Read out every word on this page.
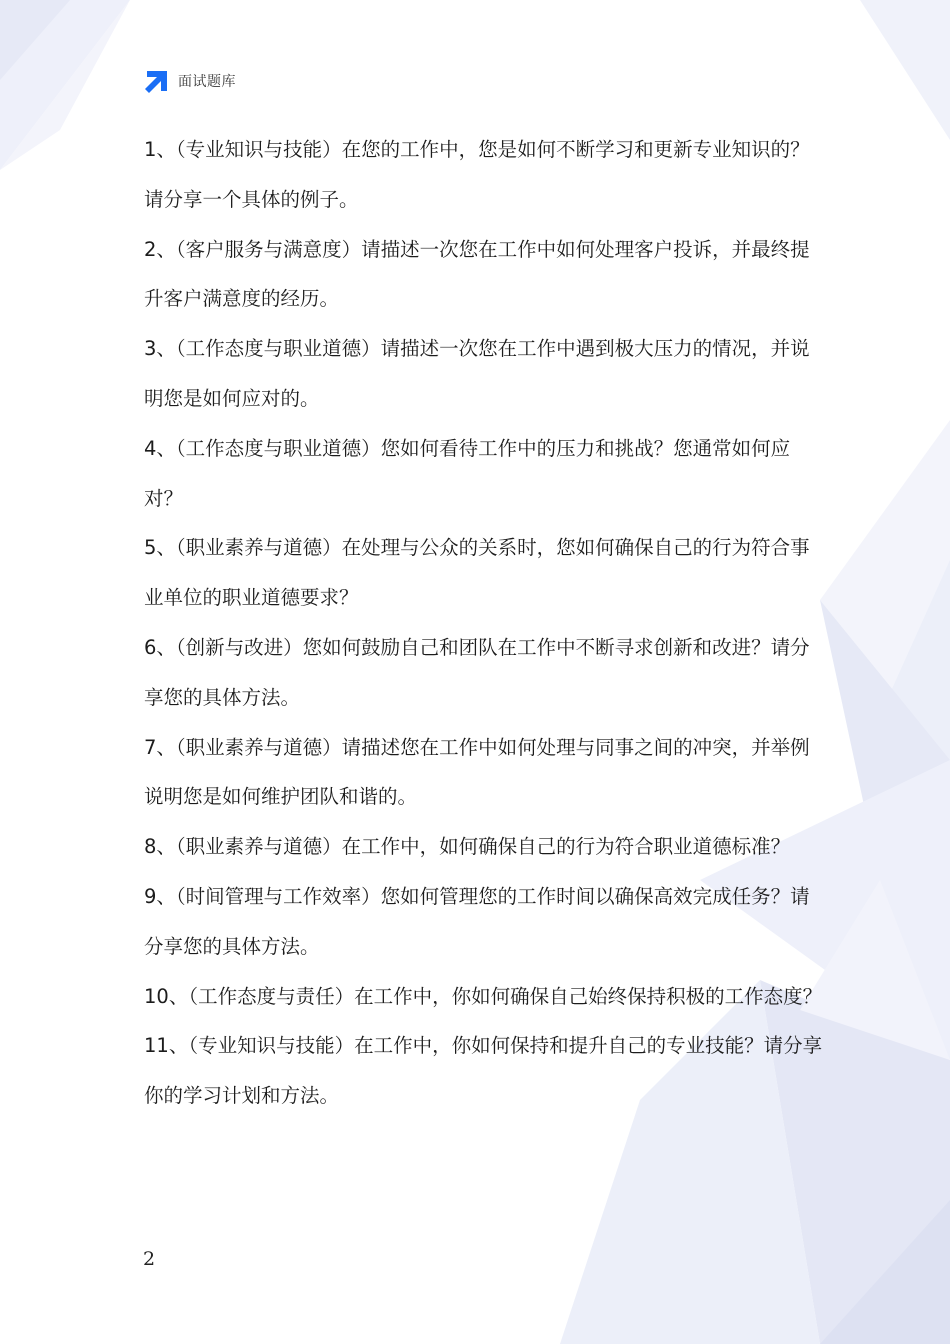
面试题库
1、（专业知识与技能）在您的工作中，您是如何不断学习和更新专业知识的？请分享一个具体的例子。
2、（客户服务与满意度）请描述一次您在工作中如何处理客户投诉，并最终提升客户满意度的经历。
3、（工作态度与职业道德）请描述一次您在工作中遇到极大压力的情况，并说明您是如何应对的。
4、（工作态度与职业道德）您如何看待工作中的压力和挑战？您通常如何应对？
5、（职业素养与道德）在处理与公众的关系时，您如何确保自己的行为符合事业单位的职业道德要求？
6、（创新与改进）您如何鼓励自己和团队在工作中不断寻求创新和改进？请分享您的具体方法。
7、（职业素养与道德）请描述您在工作中如何处理与同事之间的冲突，并举例说明您是如何维护团队和谐的。
8、（职业素养与道德）在工作中，如何确保自己的行为符合职业道德标准？
9、（时间管理与工作效率）您如何管理您的工作时间以确保高效完成任务？请分享您的具体方法。
10、（工作态度与责任）在工作中，你如何确保自己始终保持积极的工作态度？
11、（专业知识与技能）在工作中，你如何保持和提升自己的专业技能？请分享你的学习计划和方法。
2
